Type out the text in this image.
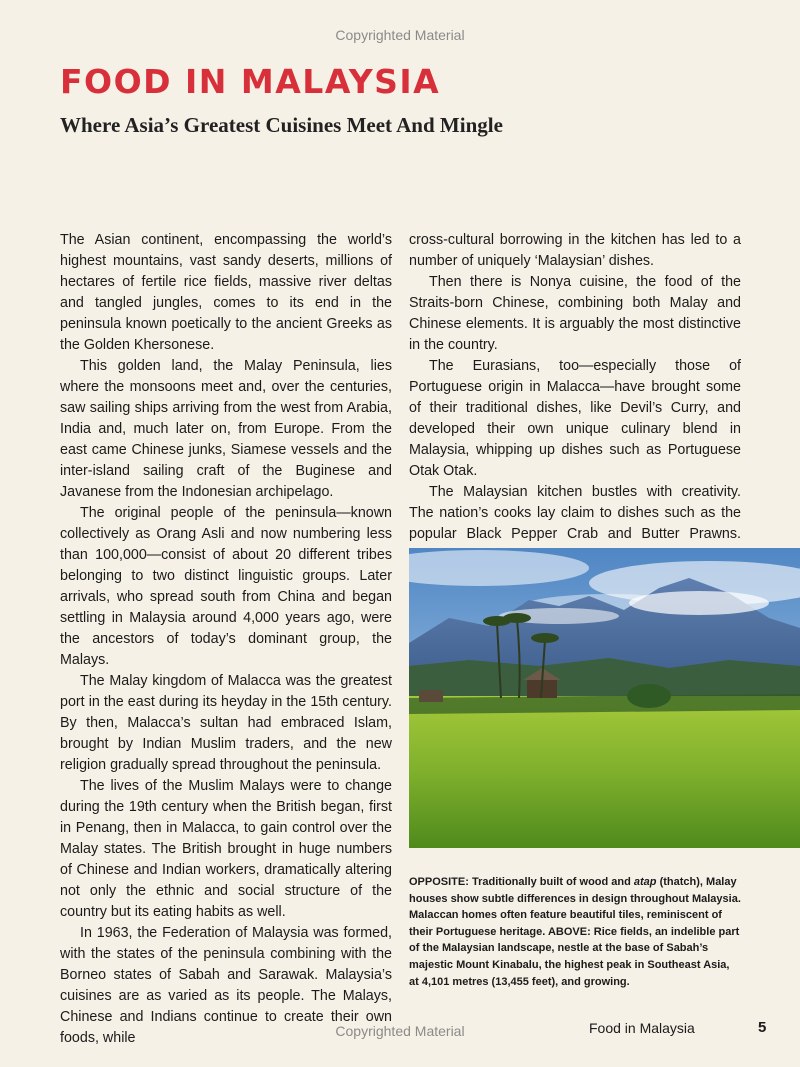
Copyrighted Material
FOOD IN MALAYSIA
Where Asia’s Greatest Cuisines Meet And Mingle

The Asian continent, encompassing the world’s highest mountains, vast sandy deserts, millions of hectares of fertile rice fields, massive river deltas and tangled jungles, comes to its end in the peninsula known poetically to the ancient Greeks as the Golden Khersonese.

This golden land, the Malay Peninsula, lies where the monsoons meet and, over the centuries, saw sailing ships arriving from the west from Arabia, India and, much later on, from Europe. From the east came Chinese junks, Siamese vessels and the inter-island sailing craft of the Buginese and Javanese from the Indonesian archipelago.

The original people of the peninsula—known collectively as Orang Asli and now numbering less than 100,000—consist of about 20 different tribes belonging to two distinct linguistic groups. Later arrivals, who spread south from China and began settling in Malaysia around 4,000 years ago, were the ancestors of today’s dominant group, the Malays.

The Malay kingdom of Malacca was the greatest port in the east during its heyday in the 15th century. By then, Malacca’s sultan had embraced Islam, brought by Indian Muslim traders, and the new religion gradually spread throughout the peninsula.

The lives of the Muslim Malays were to change during the 19th century when the British began, first in Penang, then in Malacca, to gain control over the Malay states. The British brought in huge numbers of Chinese and Indian workers, dramatically altering not only the ethnic and social structure of the country but its eating habits as well.

In 1963, the Federation of Malaysia was formed, with the states of the peninsula combining with the Borneo states of Sabah and Sarawak. Malaysia’s cuisines are as varied as its people. The Malays, Chinese and Indians continue to create their own foods, while

cross-cultural borrowing in the kitchen has led to a number of uniquely ‘Malaysian’ dishes.

Then there is Nonya cuisine, the food of the Straits-born Chinese, combining both Malay and Chinese elements. It is arguably the most distinctive in the country.

The Eurasians, too—especially those of Portuguese origin in Malacca—have brought some of their traditional dishes, like Devil’s Curry, and developed their own unique culinary blend in Malaysia, whipping up dishes such as Portuguese Otak Otak.

The Malaysian kitchen bustles with creativity. The nation’s cooks lay claim to dishes such as the popular Black Pepper Crab and Butter Prawns.

OPPOSITE: Traditionally built of wood and atap (thatch), Malay houses show subtle differences in design throughout Malaysia. Malaccan homes often feature beautiful tiles, reminiscent of their Portuguese heritage. ABOVE: Rice fields, an indelible part of the Malaysian landscape, nestle at the base of Sabah’s majestic Mount Kinabalu, the highest peak in Southeast Asia, at 4,101 metres (13,455 feet), and growing.

Copyrighted Material	Food in Malaysia	5
